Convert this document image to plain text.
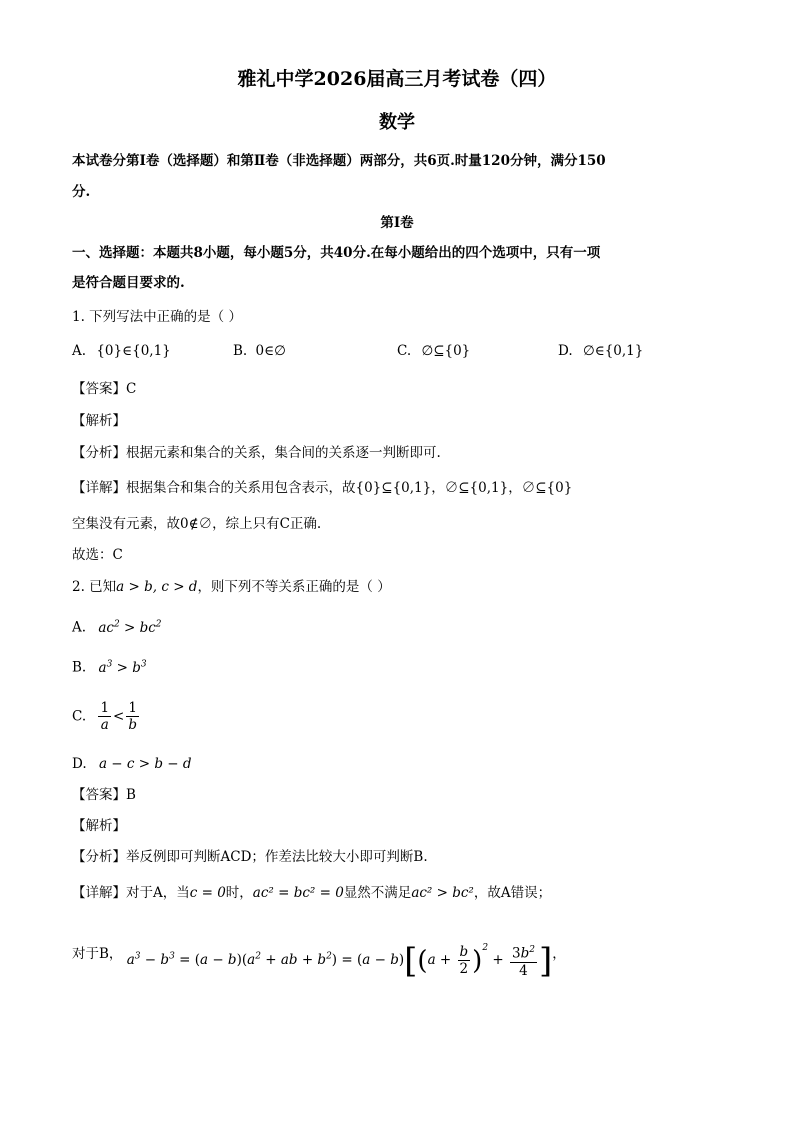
雅礼中学2026届高三月考试卷（四）
数学
本试卷分第Ⅰ卷（选择题）和第Ⅱ卷（非选择题）两部分，共6页.时量120分钟，满分150
分.
第Ⅰ卷
一、选择题：本题共8小题，每小题5分，共40分.在每小题给出的四个选项中，只有一项
是符合题目要求的.
1. 下列写法中正确的是（ ）
A. {0}∈{0,1}	B. 0∈∅	C. ∅⊆{0}	D. ∅∈{0,1}
【答案】C
【解析】
【分析】根据元素和集合的关系，集合间的关系逐一判断即可.
【详解】根据集合和集合的关系用包含表示，故{0}⊆{0,1}，∅⊆{0,1}，∅⊆{0}
空集没有元素，故0∉∅，综上只有C正确.
故选：C
2. 已知a > b, c > d，则下列不等关系正确的是（ ）
A. $ac^2 > bc^2$
B. $a^3 > b^3$
C. $\frac{1}{a} < \frac{1}{b}$
D. a − c > b − d
【答案】B
【解析】
【分析】举反例即可判断ACD；作差法比较大小即可判断B.
【详解】对于A，当c = 0时，ac² = bc² = 0显然不满足ac² > bc²，故A错误；
对于B， $a^3 - b^3 = (a - b)(a^2$ + ab + $b^2) = (a - b)[(a + \frac{b}{2} )^2 + \frac{3b^2}{4}$ ]，
